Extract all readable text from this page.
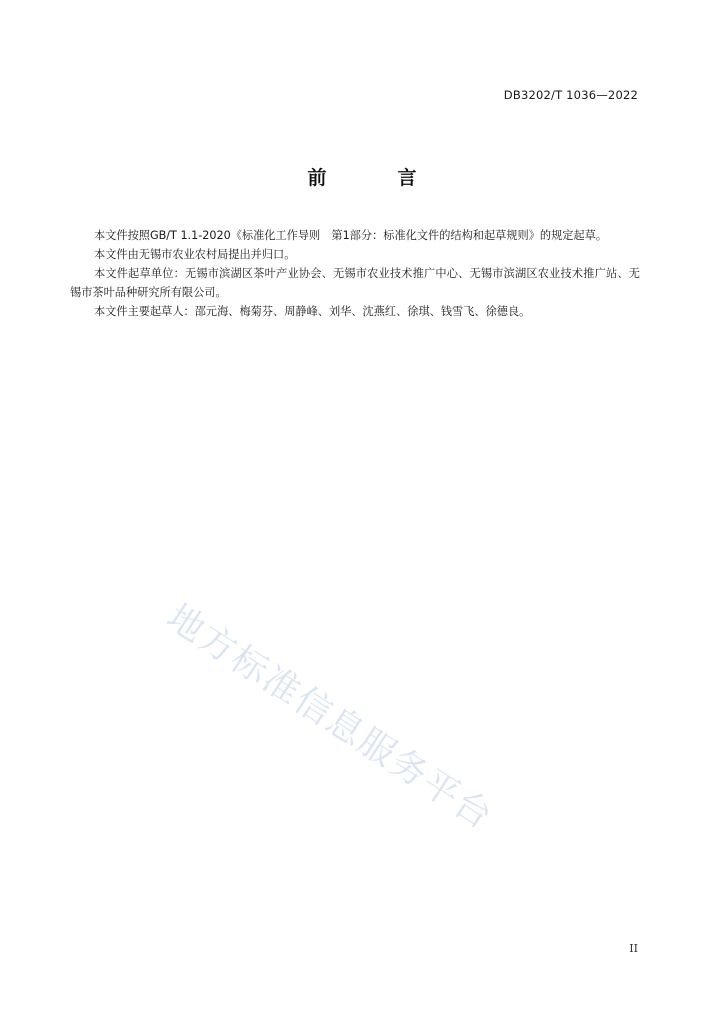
DB3202/T 1036—2022
前　言

本文件按照GB/T 1.1-2020《标准化工作导则　第1部分：标准化文件的结构和起草规则》的规定起草。

本文件由无锡市农业农村局提出并归口。

本文件起草单位：无锡市滨湖区茶叶产业协会、无锡市农业技术推广中心、无锡市滨湖区农业技术推广站、无锡市茶叶品种研究所有限公司。

本文件主要起草人：邵元海、梅菊芬、周静峰、刘华、沈燕红、徐琪、钱雪飞、徐德良。

地方标准信息服务平台
II
